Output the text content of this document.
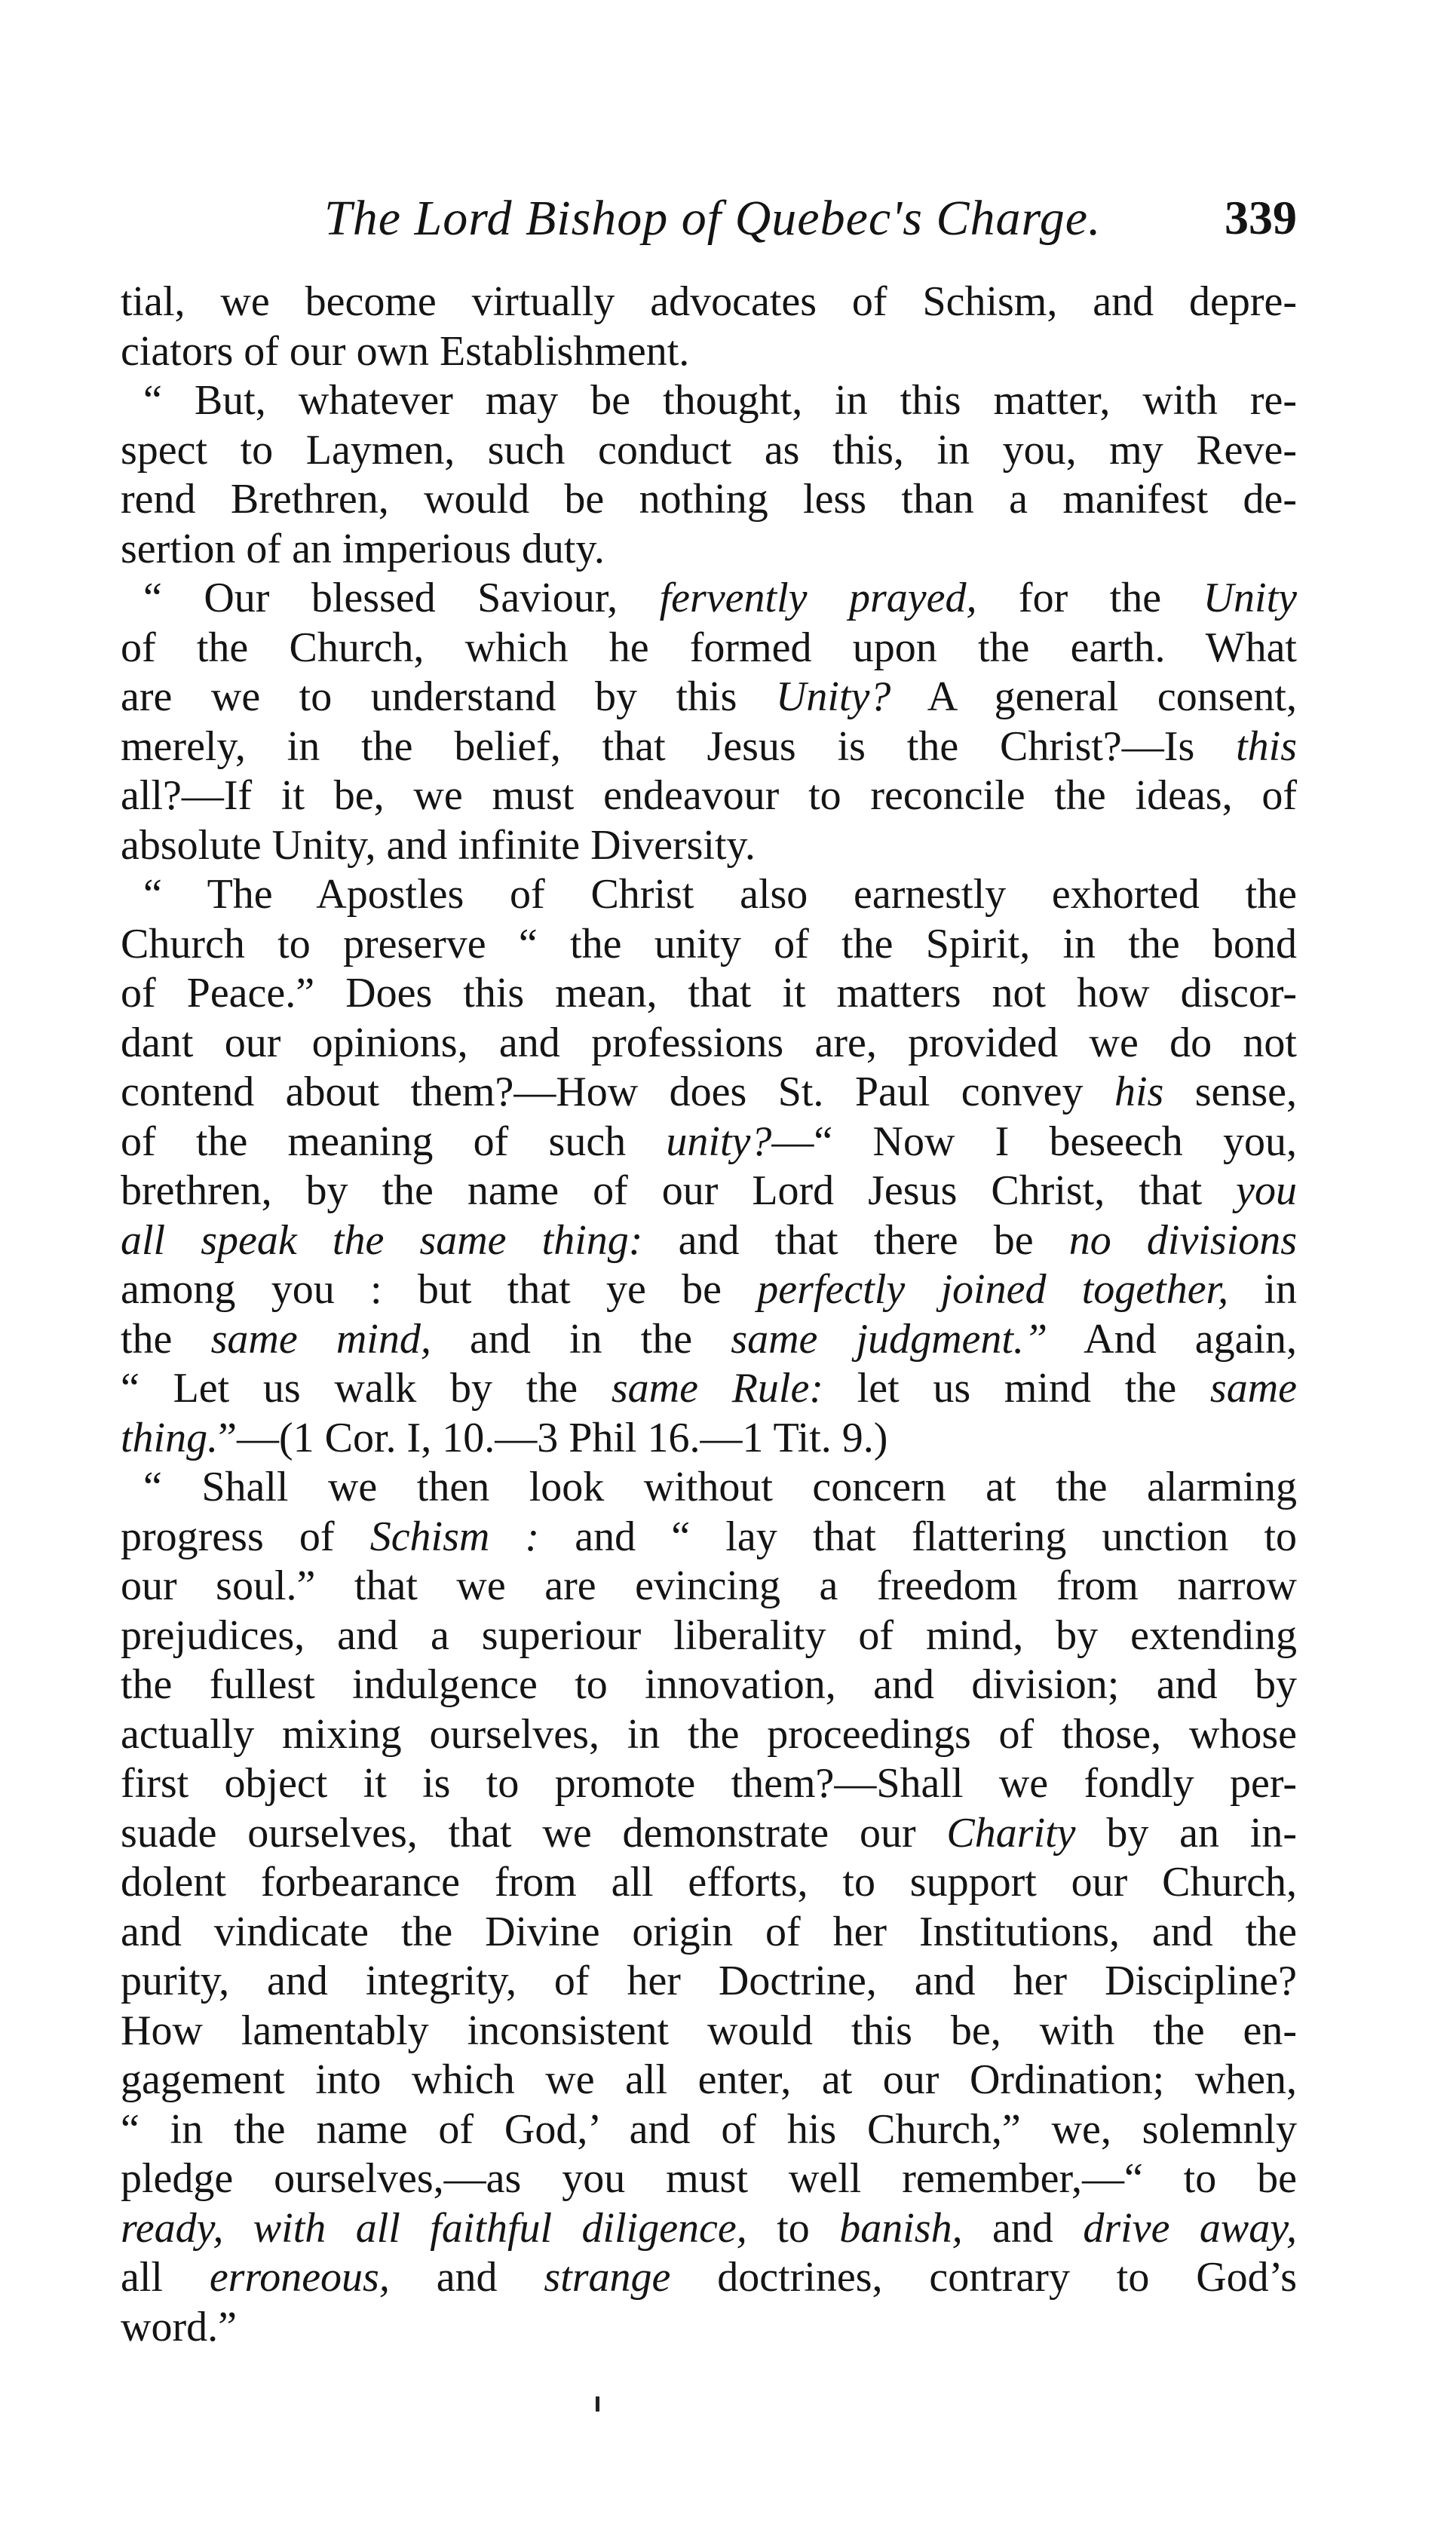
The Lord Bishop of Quebec's Charge.	339
tial, we become virtually advocates of Schism, and depre-
ciators of our own Establishment.
“ But, whatever may be thought, in this matter, with re-
spect to Laymen, such conduct as this, in you, my Reve-
rend Brethren, would be nothing less than a manifest de-
sertion of an imperious duty.
“ Our blessed Saviour, fervently prayed, for the Unity
of the Church, which he formed upon the earth. What
are we to understand by this Unity? A general consent,
merely, in the belief, that Jesus is the Christ?—Is this
all?—If it be, we must endeavour to reconcile the ideas, of
absolute Unity, and infinite Diversity.
“ The Apostles of Christ also earnestly exhorted the
Church to preserve “ the unity of the Spirit, in the bond
of Peace.” Does this mean, that it matters not how discor-
dant our opinions, and professions are, provided we do not
contend about them?—How does St. Paul convey his sense,
of the meaning of such unity?—“ Now I beseech you,
brethren, by the name of our Lord Jesus Christ, that you
all speak the same thing: and that there be no divisions
among you : but that ye be perfectly joined together, in
the same mind, and in the same judgment.” And again,
“ Let us walk by the same Rule: let us mind the same
thing.”—(1 Cor. I, 10.—3 Phil 16.—1 Tit. 9.)
“ Shall we then look without concern at the alarming
progress of Schism : and “ lay that flattering unction to
our soul.” that we are evincing a freedom from narrow
prejudices, and a superiour liberality of mind, by extending
the fullest indulgence to innovation, and division; and by
actually mixing ourselves, in the proceedings of those, whose
first object it is to promote them?—Shall we fondly per-
suade ourselves, that we demonstrate our Charity by an in-
dolent forbearance from all efforts, to support our Church,
and vindicate the Divine origin of her Institutions, and the
purity, and integrity, of her Doctrine, and her Discipline?
How lamentably inconsistent would this be, with the en-
gagement into which we all enter, at our Ordination; when,
“ in the name of God,’ and of his Church,” we, solemnly
pledge ourselves,—as you must well remember,—“ to be
ready, with all faithful diligence, to banish, and drive away,
all erroneous, and strange doctrines, contrary to God’s
word.”
